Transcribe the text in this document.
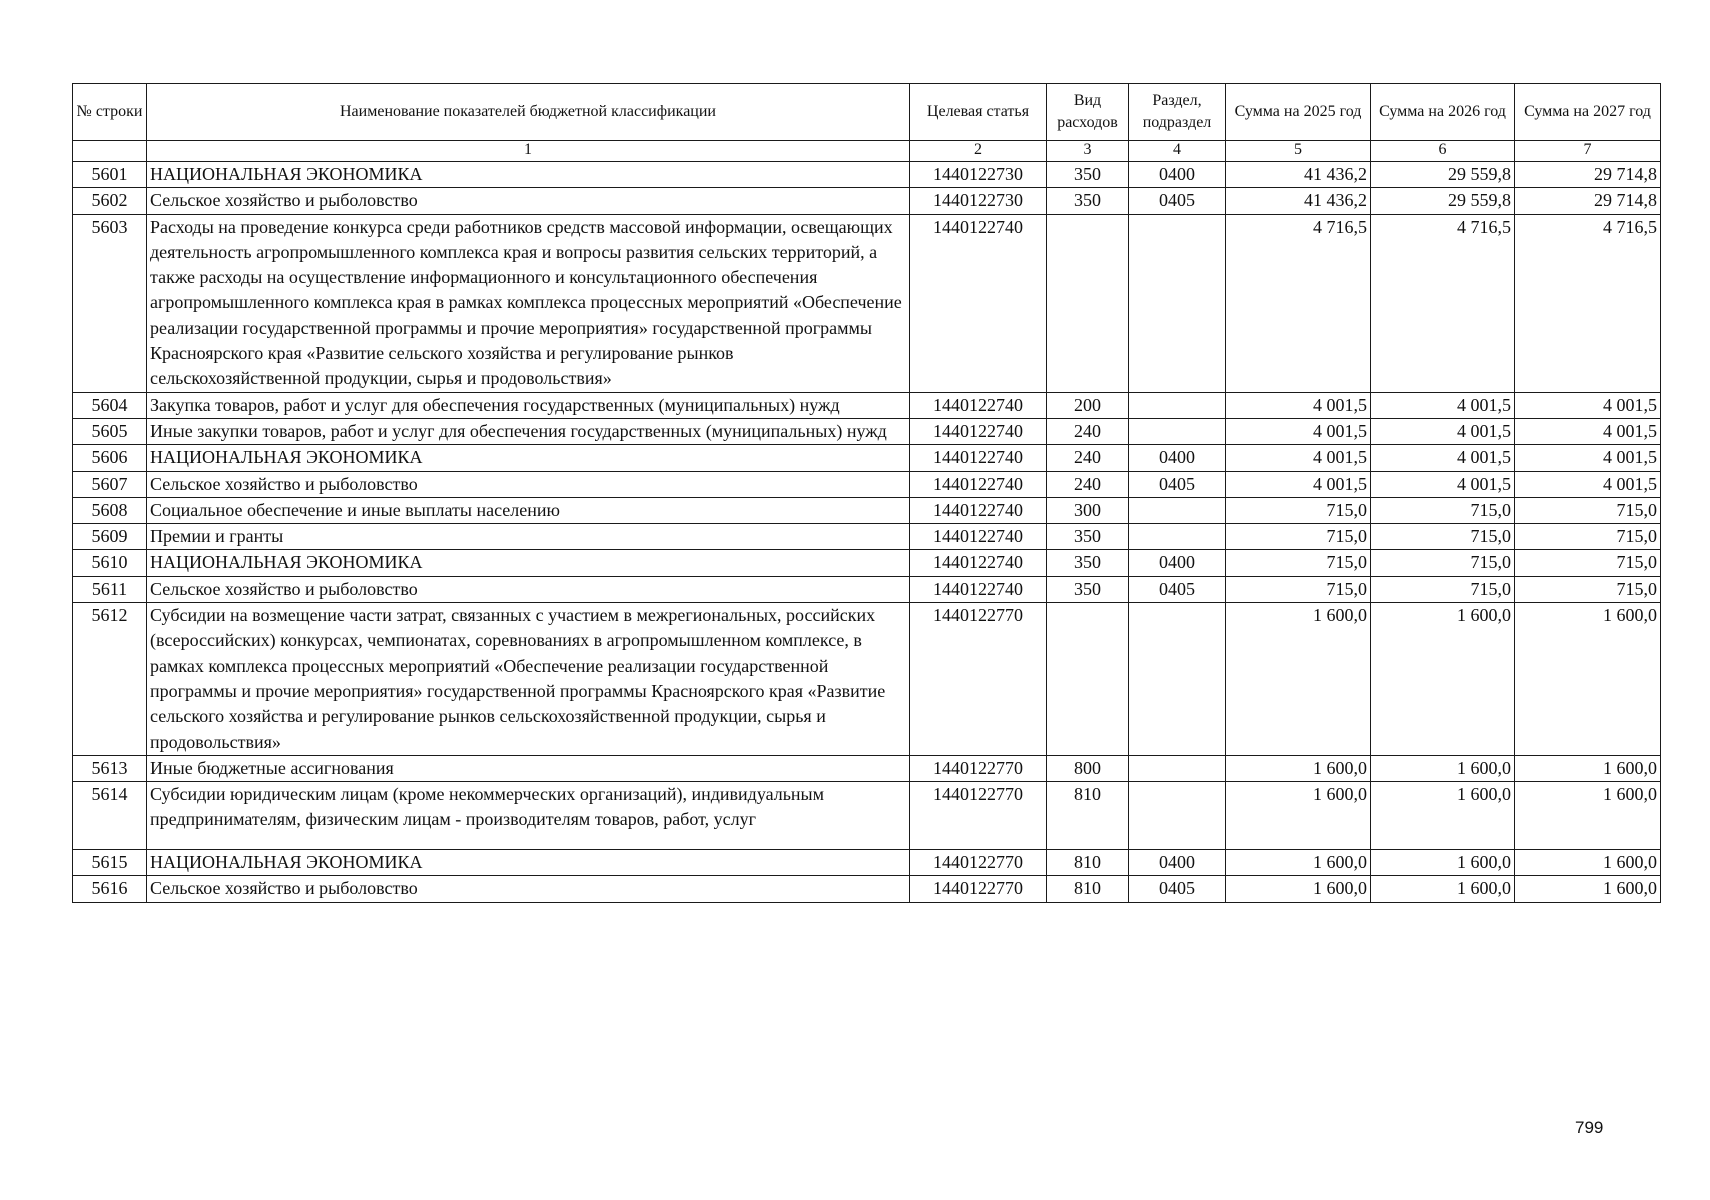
№ строки	Наименование показателей бюджетной классификации	Целевая статья	Вид расходов	Раздел, подраздел	Сумма на 2025 год	Сумма на 2026 год	Сумма на 2027 год
	1	2	3	4	5	6	7
5601	НАЦИОНАЛЬНАЯ ЭКОНОМИКА	1440122730	350	0400	41 436,2	29 559,8	29 714,8
5602	Сельское хозяйство и рыболовство	1440122730	350	0405	41 436,2	29 559,8	29 714,8
5603	Расходы на проведение конкурса среди работников средств массовой информации, освещающих деятельность агропромышленного комплекса края и вопросы развития сельских территорий, а также расходы на осуществление информационного и консультационного обеспечения агропромышленного комплекса края в рамках комплекса процессных мероприятий «Обеспечение реализации государственной программы и прочие мероприятия» государственной программы Красноярского края «Развитие сельского хозяйства и регулирование рынков сельскохозяйственной продукции, сырья и продовольствия»	1440122740			4 716,5	4 716,5	4 716,5
5604	Закупка товаров, работ и услуг для обеспечения государственных (муниципальных) нужд	1440122740	200		4 001,5	4 001,5	4 001,5
5605	Иные закупки товаров, работ и услуг для обеспечения государственных (муниципальных) нужд	1440122740	240		4 001,5	4 001,5	4 001,5
5606	НАЦИОНАЛЬНАЯ ЭКОНОМИКА	1440122740	240	0400	4 001,5	4 001,5	4 001,5
5607	Сельское хозяйство и рыболовство	1440122740	240	0405	4 001,5	4 001,5	4 001,5
5608	Социальное обеспечение и иные выплаты населению	1440122740	300		715,0	715,0	715,0
5609	Премии и гранты	1440122740	350		715,0	715,0	715,0
5610	НАЦИОНАЛЬНАЯ ЭКОНОМИКА	1440122740	350	0400	715,0	715,0	715,0
5611	Сельское хозяйство и рыболовство	1440122740	350	0405	715,0	715,0	715,0
5612	Субсидии на возмещение части затрат, связанных с участием в межрегиональных, российских (всероссийских) конкурсах, чемпионатах, соревнованиях в агропромышленном комплексе, в рамках комплекса процессных мероприятий «Обеспечение реализации государственной программы и прочие мероприятия» государственной программы Красноярского края «Развитие сельского хозяйства и регулирование рынков сельскохозяйственной продукции, сырья и продовольствия»	1440122770			1 600,0	1 600,0	1 600,0
5613	Иные бюджетные ассигнования	1440122770	800		1 600,0	1 600,0	1 600,0
5614	Субсидии юридическим лицам (кроме некоммерческих организаций), индивидуальным предпринимателям, физическим лицам - производителям товаров, работ, услуг	1440122770	810		1 600,0	1 600,0	1 600,0
5615	НАЦИОНАЛЬНАЯ ЭКОНОМИКА	1440122770	810	0400	1 600,0	1 600,0	1 600,0
5616	Сельское хозяйство и рыболовство	1440122770	810	0405	1 600,0	1 600,0	1 600,0
799
